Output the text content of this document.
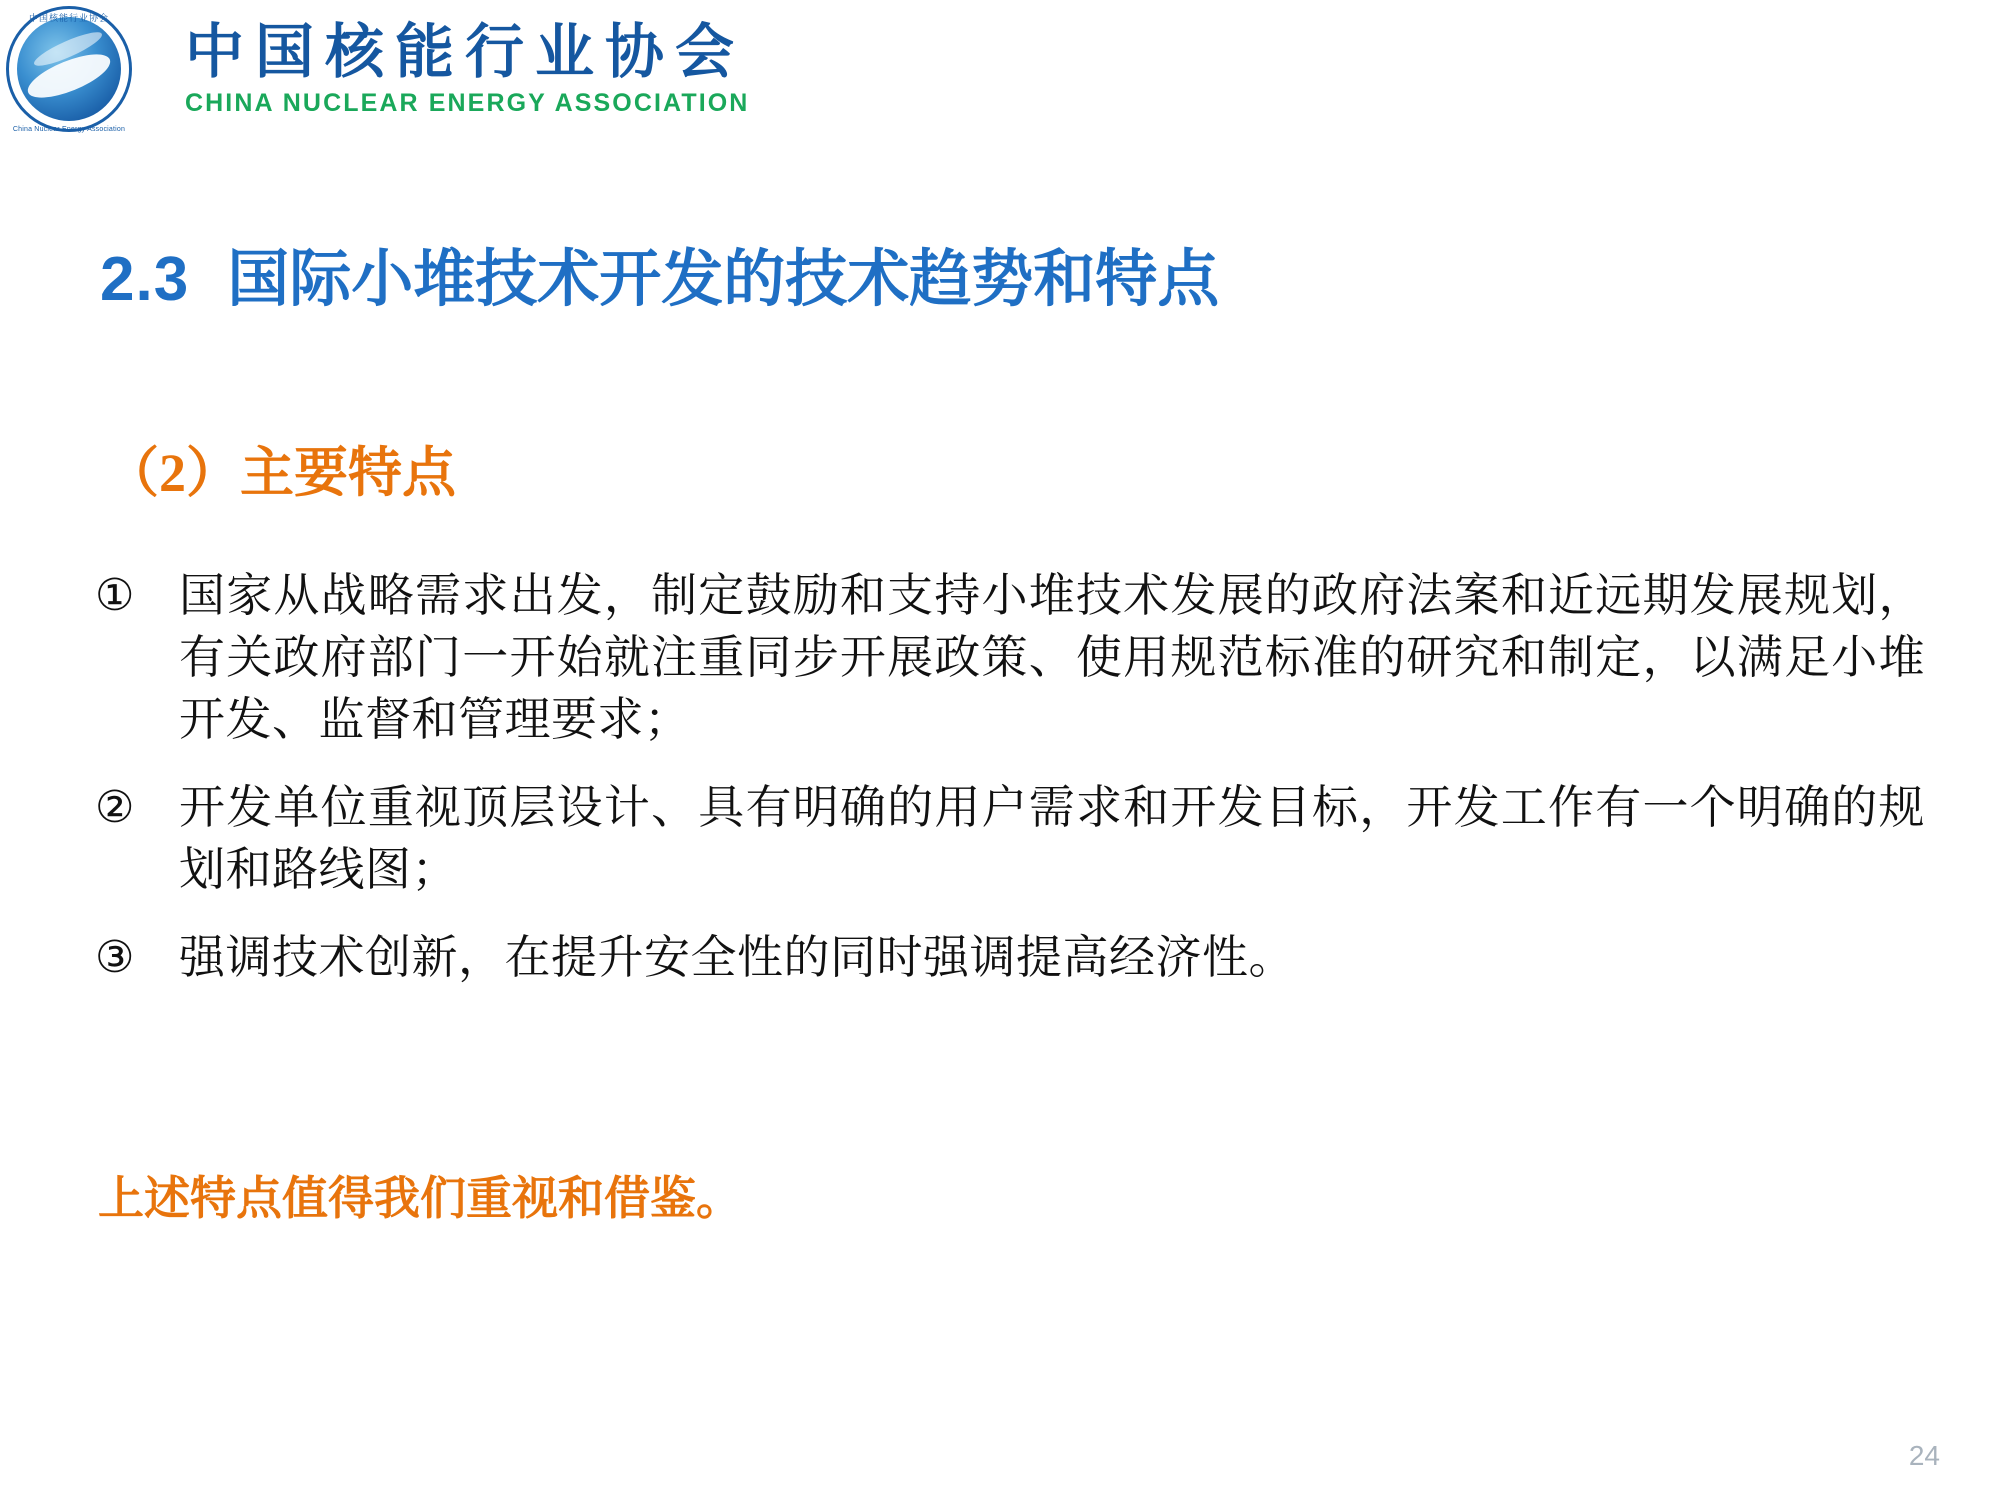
中国核能行业协会
China Nuclear Energy Association
中国核能行业协会
CHINA NUCLEAR ENERGY ASSOCIATION
2.3 国际小堆技术开发的技术趋势和特点
（2）主要特点
① 国家从战略需求出发，制定鼓励和支持小堆技术发展的政府法案和近远期发展规划，有关政府部门一开始就注重同步开展政策、使用规范标准的研究和制定，以满足小堆开发、监督和管理要求；
② 开发单位重视顶层设计、具有明确的用户需求和开发目标，开发工作有一个明确的规划和路线图；
③ 强调技术创新，在提升安全性的同时强调提高经济性。
上述特点值得我们重视和借鉴。
24
